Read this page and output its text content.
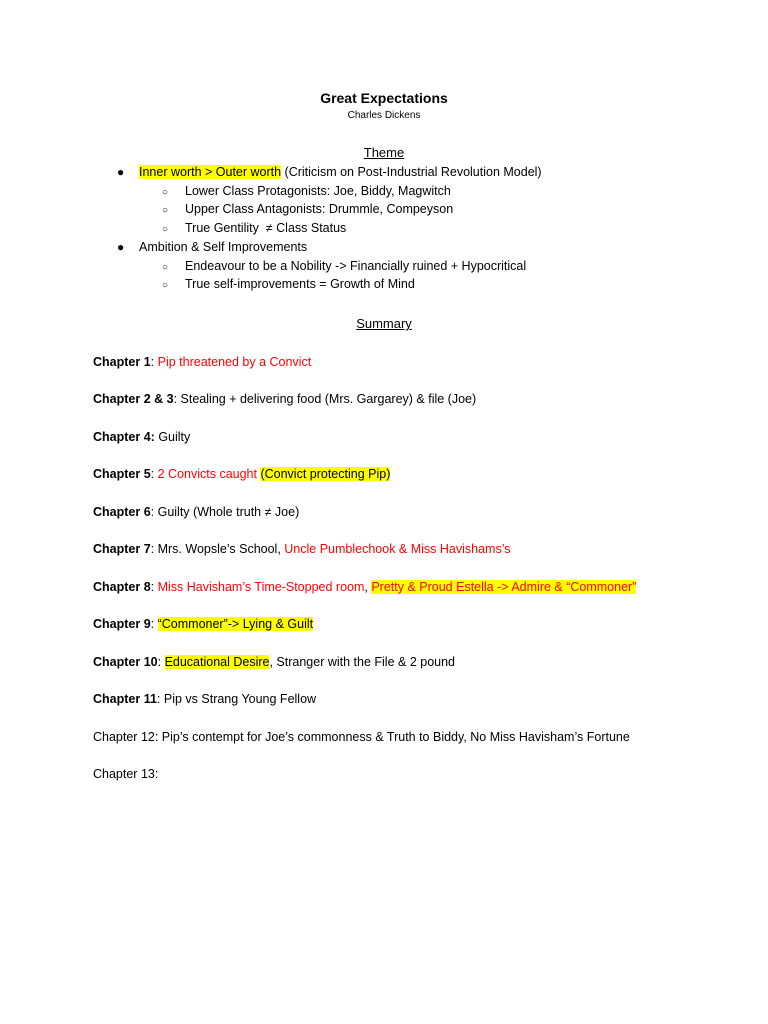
Great Expectations
Charles Dickens
Theme
● Inner worth > Outer worth (Criticism on Post-Industrial Revolution Model)
○ Lower Class Protagonists: Joe, Biddy, Magwitch
○ Upper Class Antagonists: Drummle, Compeyson
○ True Gentility  ≠ Class Status
● Ambition & Self Improvements
○ Endeavour to be a Nobility -> Financially ruined + Hypocritical
○ True self-improvements = Growth of Mind
Summary
Chapter 1: Pip threatened by a Convict
Chapter 2 & 3: Stealing + delivering food (Mrs. Gargarey) & file (Joe)
Chapter 4: Guilty
Chapter 5: 2 Convicts caught (Convict protecting Pip)
Chapter 6: Guilty (Whole truth ≠ Joe)
Chapter 7: Mrs. Wopsle’s School, Uncle Pumblechook & Miss Havishams’s
Chapter 8: Miss Havisham’s Time-Stopped room, Pretty & Proud Estella -> Admire & “Commoner”
Chapter 9: “Commoner”-> Lying & Guilt
Chapter 10: Educational Desire, Stranger with the File & 2 pound
Chapter 11: Pip vs Strang Young Fellow
Chapter 12: Pip’s contempt for Joe’s commonness & Truth to Biddy, No Miss Havisham’s Fortune
Chapter 13:
